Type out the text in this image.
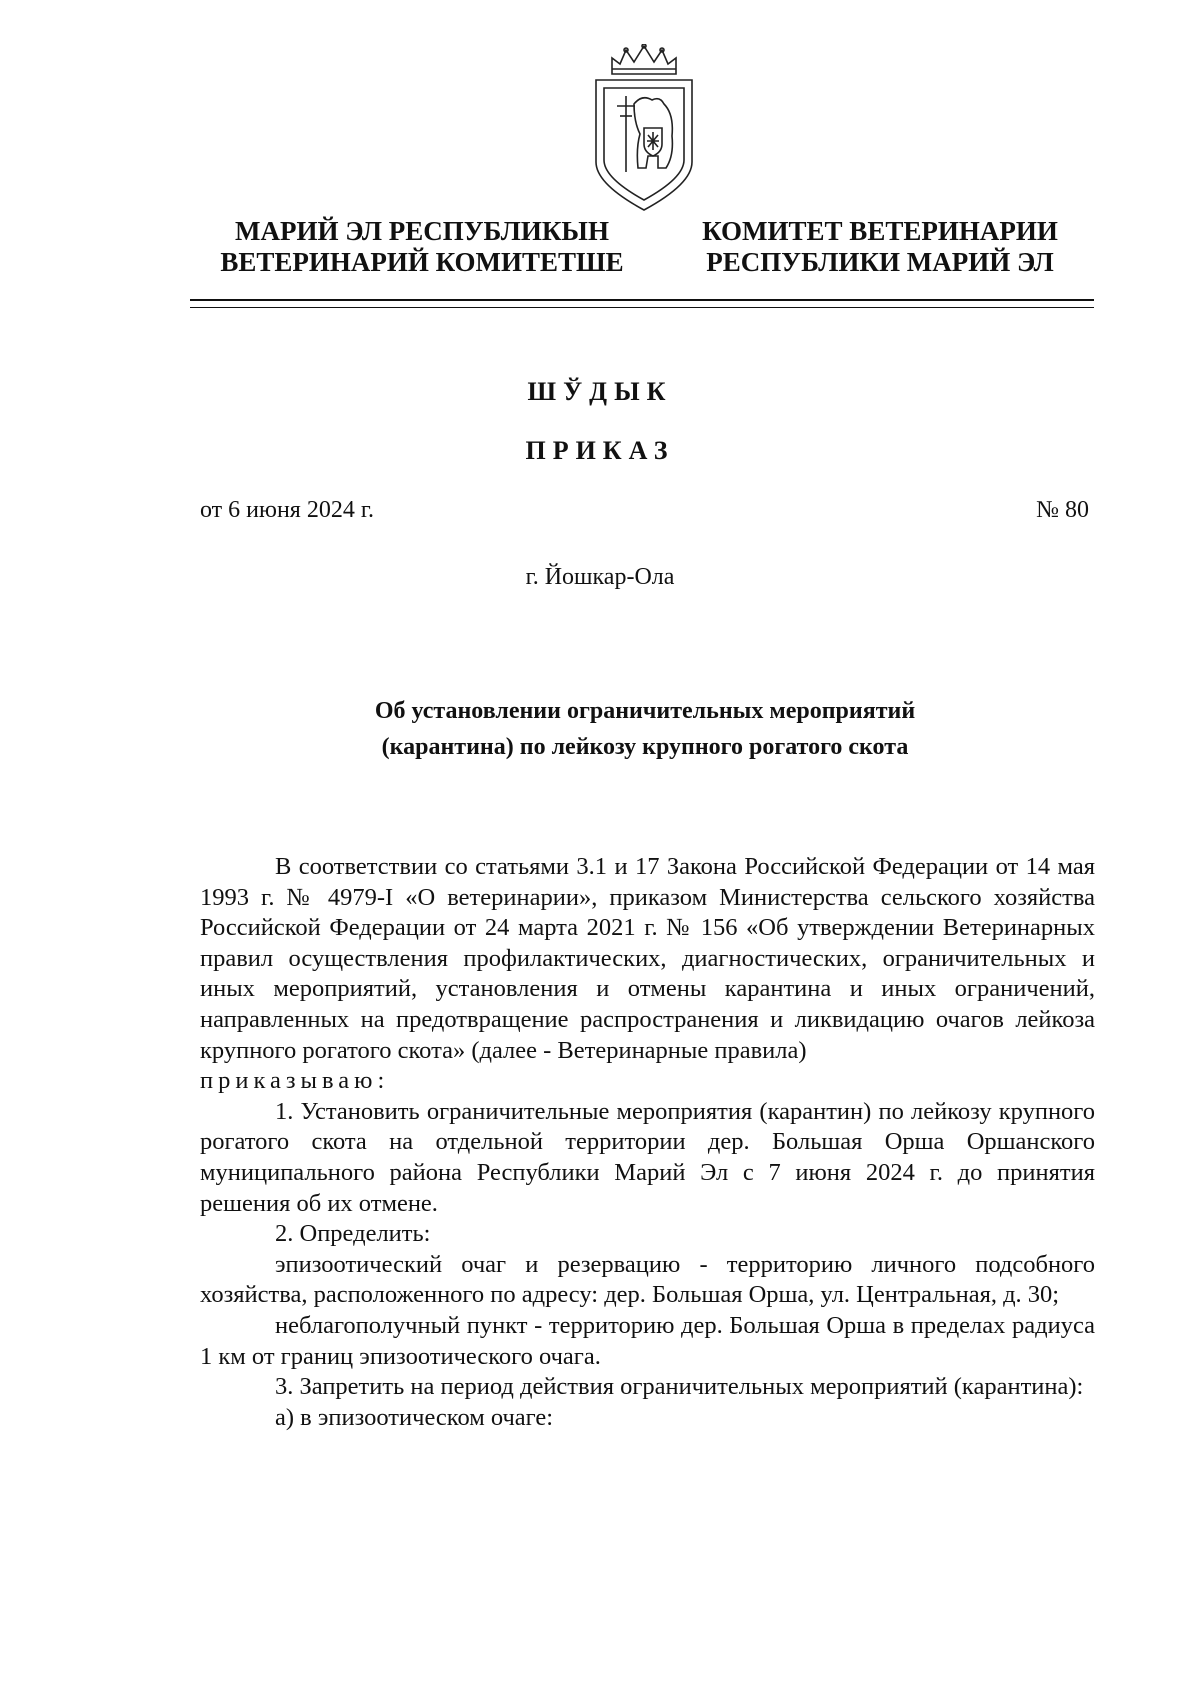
МАРИЙ ЭЛ РЕСПУБЛИКЫН
ВЕТЕРИНАРИЙ КОМИТЕТШЕ
КОМИТЕТ ВЕТЕРИНАРИИ
РЕСПУБЛИКИ МАРИЙ ЭЛ
ШЎДЫК
ПРИКАЗ
от 6 июня 2024 г.	№ 80
г. Йошкар-Ола
Об установлении ограничительных мероприятий
(карантина) по лейкозу крупного рогатого скота

В соответствии со статьями 3.1 и 17 Закона Российской Федерации от 14 мая 1993 г. № 4979-I «О ветеринарии», приказом Министерства сельского хозяйства Российской Федерации от 24 марта 2021 г. № 156 «Об утверждении Ветеринарных правил осуществления профилактических, диагностических, ограничительных и иных мероприятий, установления и отмены карантина и иных ограничений, направленных на предотвращение распространения и ликвидацию очагов лейкоза крупного рогатого скота» (далее - Ветеринарные правила)

приказываю:

1. Установить ограничительные мероприятия (карантин) по лейкозу крупного рогатого скота на отдельной территории дер. Большая Орша Оршанского муниципального района Республики Марий Эл с 7 июня 2024 г. до принятия решения об их отмене.

2. Определить:

эпизоотический очаг и резервацию - территорию личного подсобного хозяйства, расположенного по адресу: дер. Большая Орша, ул. Центральная, д. 30;

неблагополучный пункт - территорию дер. Большая Орша в пределах радиуса 1 км от границ эпизоотического очага.

3. Запретить на период действия ограничительных мероприятий (карантина):

а) в эпизоотическом очаге:
